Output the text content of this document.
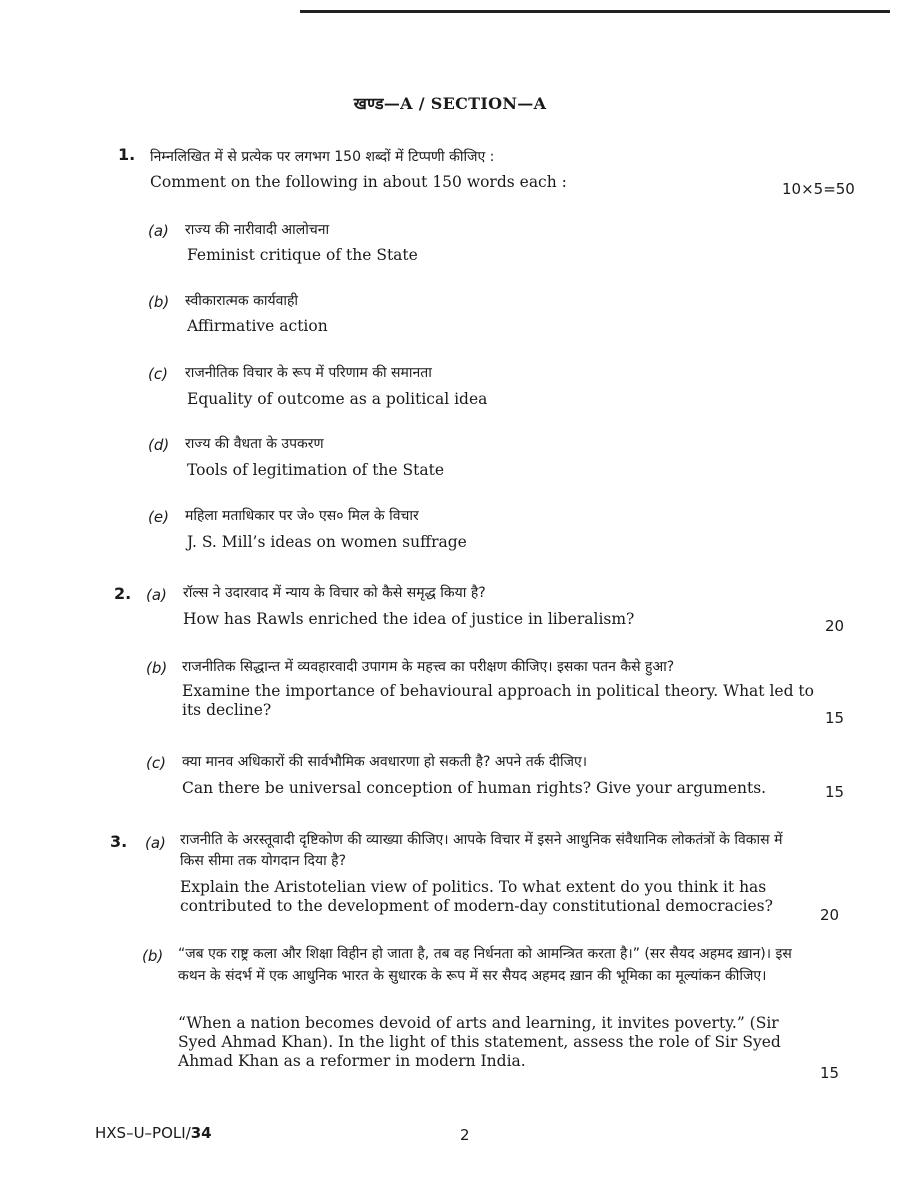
खण्ड—A / SECTION—A
1. निम्नलिखित में से प्रत्येक पर लगभग 150 शब्दों में टिप्पणी कीजिए :
Comment on the following in about 150 words each :	10×5=50
(a) राज्य की नारीवादी आलोचना
Feminist critique of the State
(b) स्वीकारात्मक कार्यवाही
Affirmative action
(c) राजनीतिक विचार के रूप में परिणाम की समानता
Equality of outcome as a political idea
(d) राज्य की वैधता के उपकरण
Tools of legitimation of the State
(e) महिला मताधिकार पर जे० एस० मिल के विचार
J. S. Mill’s ideas on women suffrage
2. (a) रॉल्स ने उदारवाद में न्याय के विचार को कैसे समृद्ध किया है?
How has Rawls enriched the idea of justice in liberalism?	20
(b) राजनीतिक सिद्धान्त में व्यवहारवादी उपागम के महत्त्व का परीक्षण कीजिए। इसका पतन कैसे हुआ?
Examine the importance of behavioural approach in political theory. What led to its decline?	15
(c) क्या मानव अधिकारों की सार्वभौमिक अवधारणा हो सकती है? अपने तर्क दीजिए।
Can there be universal conception of human rights? Give your arguments.	15
3. (a) राजनीति के अरस्तूवादी दृष्टिकोण की व्याख्या कीजिए। आपके विचार में इसने आधुनिक संवैधानिक लोकतंत्रों के विकास में किस सीमा तक योगदान दिया है?
Explain the Aristotelian view of politics. To what extent do you think it has contributed to the development of modern-day constitutional democracies?	20
(b) “जब एक राष्ट्र कला और शिक्षा विहीन हो जाता है, तब वह निर्धनता को आमन्त्रित करता है।” (सर सैयद अहमद ख़ान)। इस कथन के संदर्भ में एक आधुनिक भारत के सुधारक के रूप में सर सैयद अहमद ख़ान की भूमिका का मूल्यांकन कीजिए।
“When a nation becomes devoid of arts and learning, it invites poverty.” (Sir Syed Ahmad Khan). In the light of this statement, assess the role of Sir Syed Ahmad Khan as a reformer in modern India.
15
HXS–U–POLI/34	2
